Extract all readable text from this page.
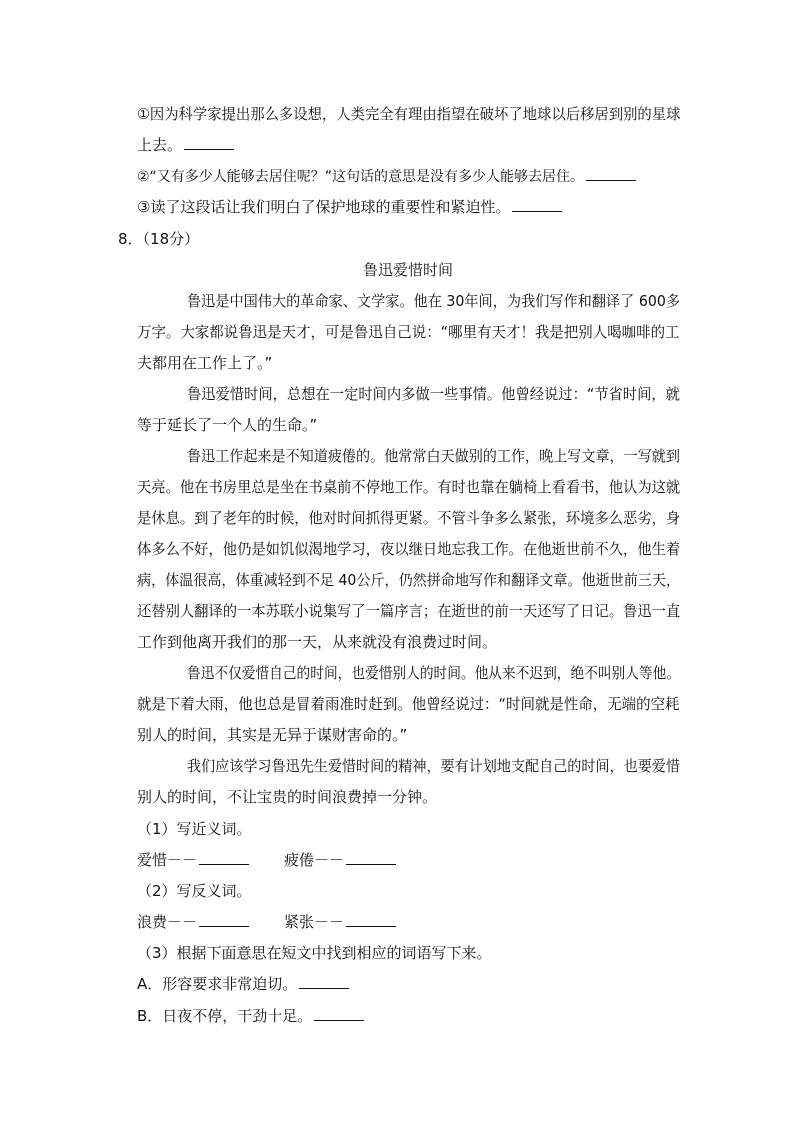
①因为科学家提出那么多设想，人类完全有理由指望在破坏了地球以后移居到别的星球
上去。
②“又有多少人能够去居住呢？”这句话的意思是没有多少人能够去居住。
③读了这段话让我们明白了保护地球的重要性和紧迫性。
8．（18分）
鲁迅爱惜时间
鲁迅是中国伟大的革命家、文学家。他在 30年间，为我们写作和翻译了 600多
万字。大家都说鲁迅是天才，可是鲁迅自己说：“哪里有天才！我是把别人喝咖啡的工
夫都用在工作上了。”
鲁迅爱惜时间，总想在一定时间内多做一些事情。他曾经说过：“节省时间，就
等于延长了一个人的生命。”
鲁迅工作起来是不知道疲倦的。他常常白天做别的工作，晚上写文章，一写就到
天亮。他在书房里总是坐在书桌前不停地工作。有时也靠在躺椅上看看书，他认为这就
是休息。到了老年的时候，他对时间抓得更紧。不管斗争多么紧张，环境多么恶劣，身
体多么不好，他仍是如饥似渴地学习，夜以继日地忘我工作。在他逝世前不久，他生着
病，体温很高，体重减轻到不足 40公斤，仍然拼命地写作和翻译文章。他逝世前三天，
还替别人翻译的一本苏联小说集写了一篇序言；在逝世的前一天还写了日记。鲁迅一直
工作到他离开我们的那一天，从来就没有浪费过时间。
鲁迅不仅爱惜自己的时间，也爱惜别人的时间。他从来不迟到，绝不叫别人等他。
就是下着大雨，他也总是冒着雨准时赶到。他曾经说过：“时间就是性命，无端的空耗
别人的时间，其实是无异于谋财害命的。”
我们应该学习鲁迅先生爱惜时间的精神，要有计划地支配自己的时间，也要爱惜
别人的时间，不让宝贵的时间浪费掉一分钟。
（1）写近义词。
爱惜－－	疲倦－－
（2）写反义词。
浪费－－	紧张－－
（3）根据下面意思在短文中找到相应的词语写下来。
A．形容要求非常迫切。
B．日夜不停，干劲十足。
